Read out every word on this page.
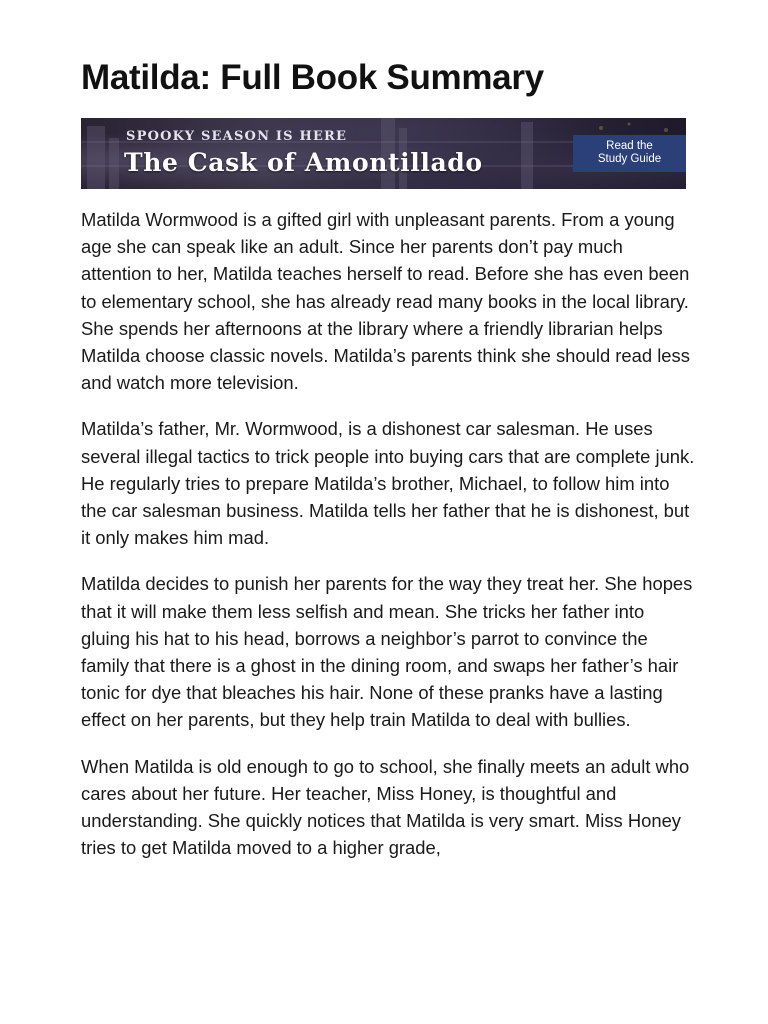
Matilda: Full Book Summary
SPOOKY SEASON IS HERE
The Cask of Amontillado
Read the
Study Guide

Matilda Wormwood is a gifted girl with unpleasant parents. From a young age she can speak like an adult. Since her parents don’t pay much attention to her, Matilda teaches herself to read. Before she has even been to elementary school, she has already read many books in the local library. She spends her afternoons at the library where a friendly librarian helps Matilda choose classic novels. Matilda’s parents think she should read less and watch more television.

Matilda’s father, Mr. Wormwood, is a dishonest car salesman. He uses several illegal tactics to trick people into buying cars that are complete junk. He regularly tries to prepare Matilda’s brother, Michael, to follow him into the car salesman business. Matilda tells her father that he is dishonest, but it only makes him mad.

Matilda decides to punish her parents for the way they treat her. She hopes that it will make them less selfish and mean. She tricks her father into gluing his hat to his head, borrows a neighbor’s parrot to convince the family that there is a ghost in the dining room, and swaps her father’s hair tonic for dye that bleaches his hair. None of these pranks have a lasting effect on her parents, but they help train Matilda to deal with bullies.

When Matilda is old enough to go to school, she finally meets an adult who cares about her future. Her teacher, Miss Honey, is thoughtful and understanding. She quickly notices that Matilda is very smart. Miss Honey tries to get Matilda moved to a higher grade,
